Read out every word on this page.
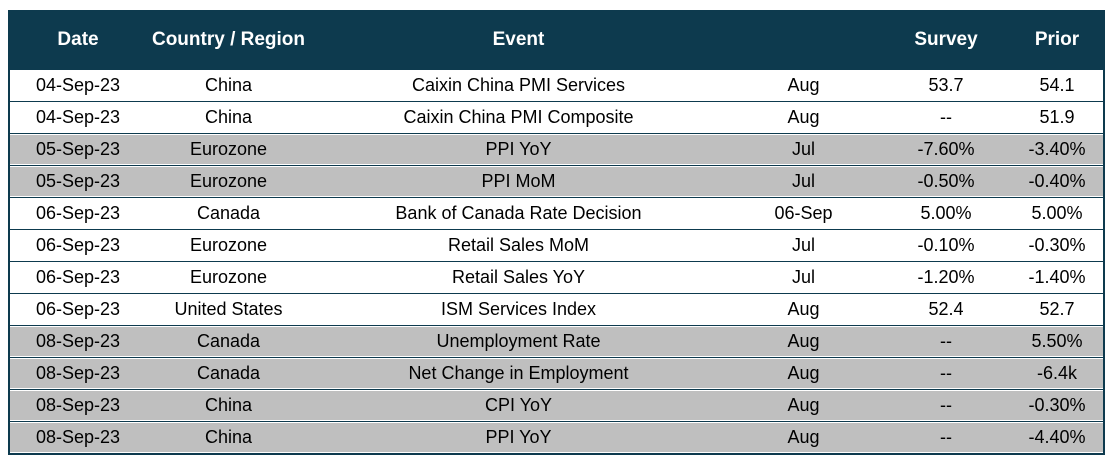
Date	Country / Region	Event		Survey	Prior
04-Sep-23	China	Caixin China PMI Services	Aug	53.7	54.1
04-Sep-23	China	Caixin China PMI Composite	Aug	--	51.9
05-Sep-23	Eurozone	PPI YoY	Jul	-7.60%	-3.40%
05-Sep-23	Eurozone	PPI MoM	Jul	-0.50%	-0.40%
06-Sep-23	Canada	Bank of Canada Rate Decision	06-Sep	5.00%	5.00%
06-Sep-23	Eurozone	Retail Sales MoM	Jul	-0.10%	-0.30%
06-Sep-23	Eurozone	Retail Sales YoY	Jul	-1.20%	-1.40%
06-Sep-23	United States	ISM Services Index	Aug	52.4	52.7
08-Sep-23	Canada	Unemployment Rate	Aug	--	5.50%
08-Sep-23	Canada	Net Change in Employment	Aug	--	-6.4k
08-Sep-23	China	CPI YoY	Aug	--	-0.30%
08-Sep-23	China	PPI YoY	Aug	--	-4.40%
